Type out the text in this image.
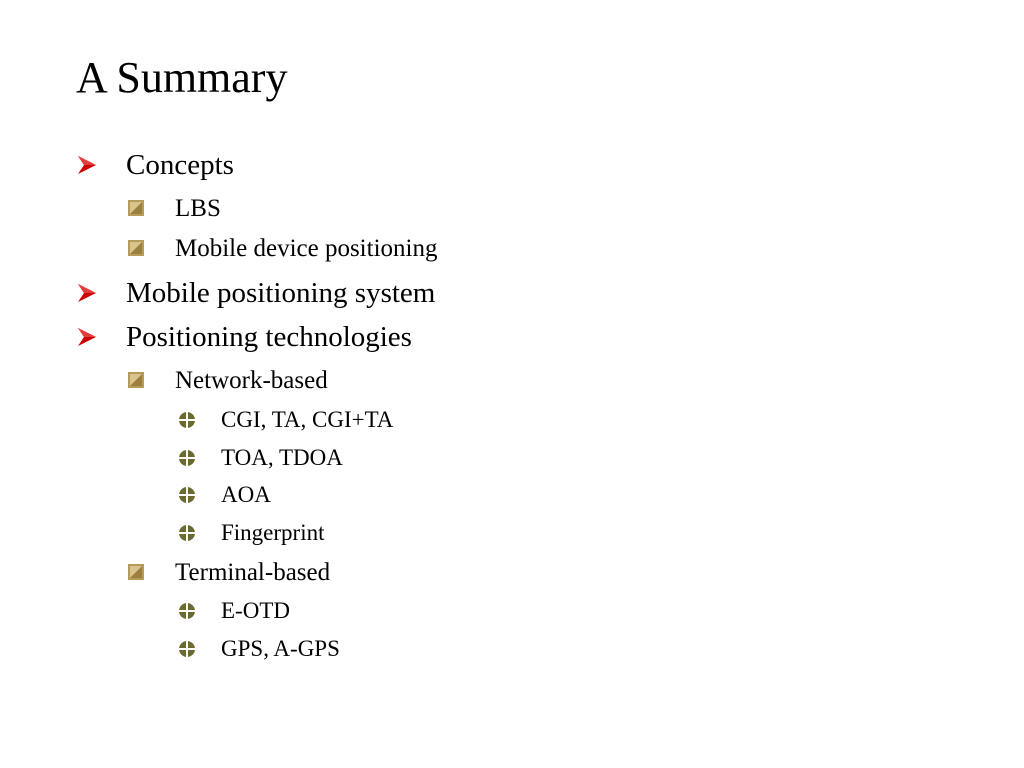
A Summary
Concepts
LBS
Mobile device positioning
Mobile positioning system
Positioning technologies
Network-based
CGI, TA, CGI+TA
TOA, TDOA
AOA
Fingerprint
Terminal-based
E-OTD
GPS, A-GPS
